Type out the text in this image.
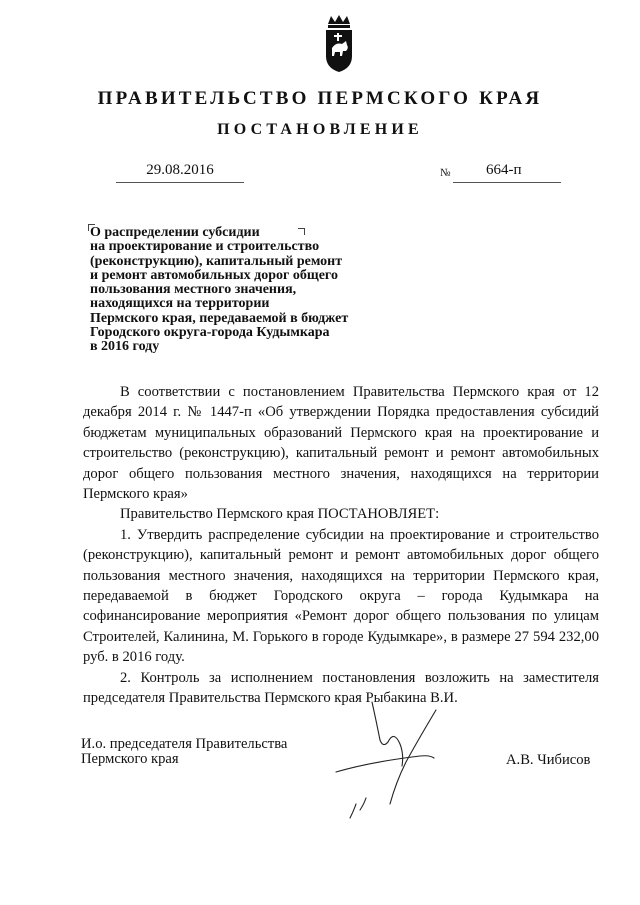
ПРАВИТЕЛЬСТВО ПЕРМСКОГО КРАЯ
ПОСТАНОВЛЕНИЕ
29.08.2016	№ 664-п
О распределении субсидии
на проектирование и строительство
(реконструкцию), капитальный ремонт
и ремонт автомобильных дорог общего
пользования местного значения,
находящихся на территории
Пермского края, передаваемой в бюджет
Городского округа-города Кудымкара
в 2016 году

В соответствии с постановлением Правительства Пермского края от 12 декабря 2014 г. № 1447-п «Об утверждении Порядка предоставления субсидий бюджетам муниципальных образований Пермского края на проектирование и строительство (реконструкцию), капитальный ремонт и ремонт автомобильных дорог общего пользования местного значения, находящихся на территории Пермского края»

Правительство Пермского края ПОСТАНОВЛЯЕТ:

1. Утвердить распределение субсидии на проектирование и строительство (реконструкцию), капитальный ремонт и ремонт автомобильных дорог общего пользования местного значения, находящихся на территории Пермского края, передаваемой в бюджет Городского округа – города Кудымкара на софинансирование мероприятия «Ремонт дорог общего пользования по улицам Строителей, Калинина, М. Горького в городе Кудымкаре», в размере 27 594 232,00 руб. в 2016 году.

2. Контроль за исполнением постановления возложить на заместителя председателя Правительства Пермского края Рыбакина В.И.

И.о. председателя Правительства
Пермского края	А.В. Чибисов
